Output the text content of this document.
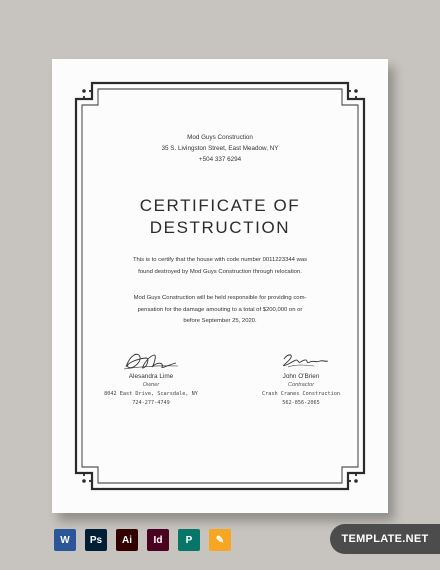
Mod Guys Construction
35 S. Livingston Street, East Meadow, NY
+504 337 6294
CERTIFICATE OF
DESTRUCTION
This is to certify that the house with code number 0011223344 was
found destroyed by Mod Guys Construction through relocation.
Mod Guys Construction will be held responsible for providing com-
pensation for the damage amouting to a total of $200,000 on or
before September 25, 2020.
Alesandra Lime
Owner
8042 East Drive, Scarsdale, NY
724-277-4749
John O'Brien
Contractor
Crash Cranes Construction
562-856-2065
W	Ps	Ai	Id	P	✎	TEMPLATE.NET
